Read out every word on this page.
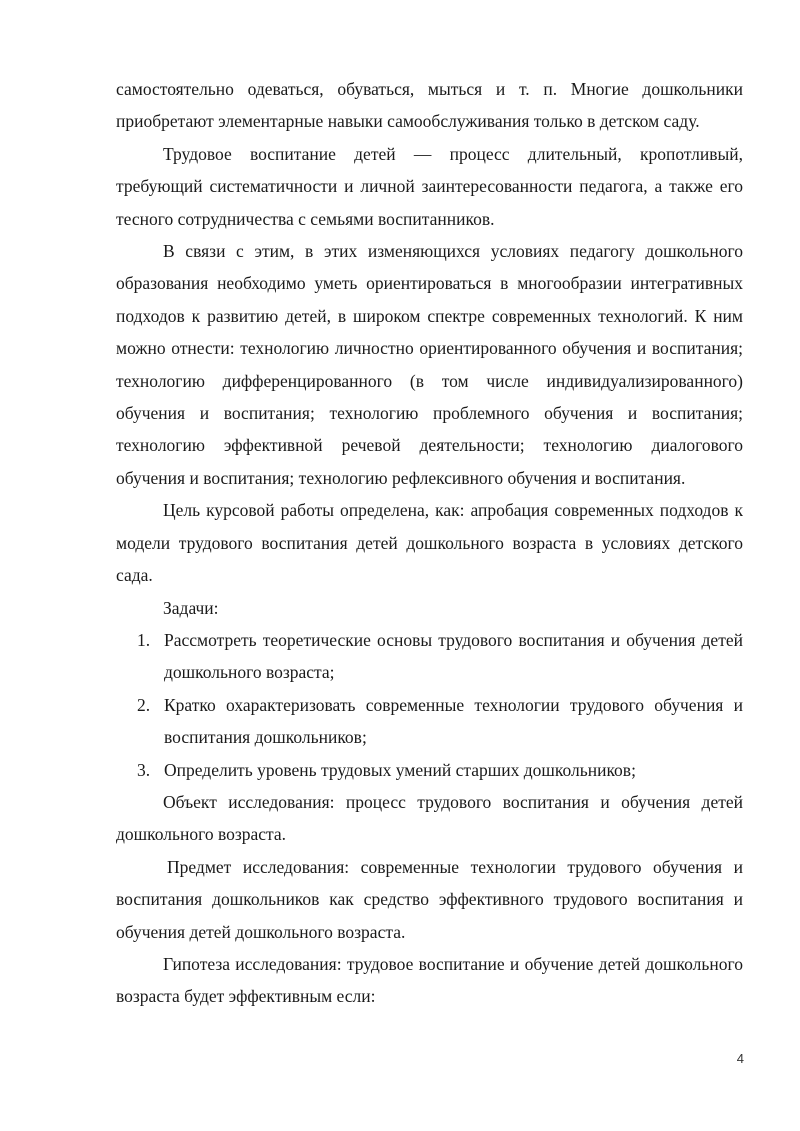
самостоятельно одеваться, обуваться, мыться и т. п. Многие дошкольники приобретают элементарные навыки самообслуживания только в детском саду.

Трудовое воспитание детей — процесс длительный, кропотливый, требующий систематичности и личной заинтересованности педагога, а также его тесного сотрудничества с семьями воспитанников.

В связи с этим, в этих изменяющихся условиях педагогу дошкольного образования необходимо уметь ориентироваться в многообразии интегративных подходов к развитию детей, в широком спектре современных технологий. К ним можно отнести: технологию личностно ориентированного обучения и воспитания; технологию дифференцированного (в том числе индивидуализированного) обучения и воспитания; технологию проблемного обучения и воспитания; технологию эффективной речевой деятельности; технологию диалогового обучения и воспитания; технологию рефлексивного обучения и воспитания.

Цель курсовой работы определена, как: апробация современных подходов к модели трудового воспитания детей дошкольного возраста в условиях детского сада.

Задачи:

1. Рассмотреть теоретические основы трудового воспитания и обучения детей дошкольного возраста;
2. Кратко охарактеризовать современные технологии трудового обучения и воспитания дошкольников;
3. Определить уровень трудовых умений старших дошкольников;

Объект исследования: процесс трудового воспитания и обучения детей дошкольного возраста.

Предмет исследования: современные технологии трудового обучения и воспитания дошкольников как средство эффективного трудового воспитания и обучения детей дошкольного возраста.

Гипотеза исследования: трудовое воспитание и обучение детей дошкольного возраста будет эффективным если:

4
